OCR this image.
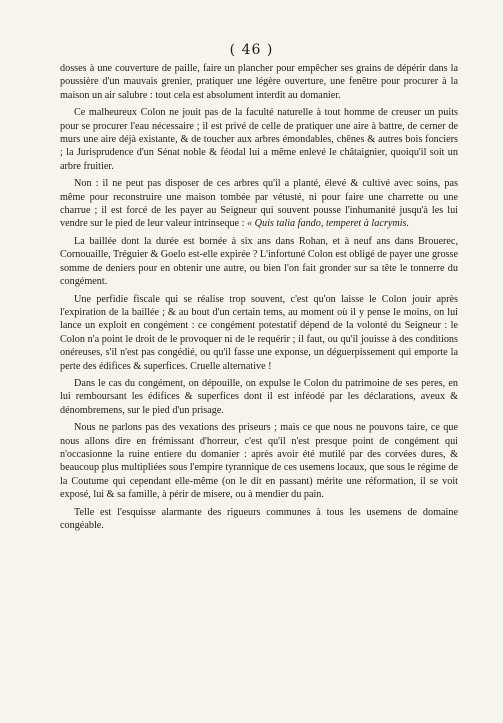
( 46 )

dosses à une couverture de paille, faire un plancher pour empêcher ses grains de dépérir dans la poussière d'un mauvais grenier, pratiquer une légère ouverture, une fenêtre pour procurer à la maison un air salubre : tout cela est absolument interdit au domanier.

Ce malheureux Colon ne jouit pas de la faculté naturelle à tout homme de creuser un puits pour se procurer l'eau nécessaire ; il est privé de celle de pratiquer une aire à battre, de cerner de murs une aire déjà existante, & de toucher aux arbres émondables, chênes & autres bois fonciers ; la Jurisprudence d'un Sénat noble & féodal lui a même enlevé le châtaignier, quoiqu'il soit un arbre fruitier.

Non : il ne peut pas disposer de ces arbres qu'il a planté, élevé & cultivé avec soins, pas même pour reconstruire une maison tombée par vétusté, ni pour faire une charrette ou une charrue ; il est forcé de les payer au Seigneur qui souvent pousse l'inhumanité jusqu'à les lui vendre sur le pied de leur valeur intrinseque : « Quis talia fando, temperet à lacrymis.

La baillée dont la durée est bornée à six ans dans Rohan, et à neuf ans dans Brouerec, Cornouaille, Tréguier & Goelo est-elle expirée ? L'infortuné Colon est obligé de payer une grosse somme de deniers pour en obtenir une autre, ou bien l'on fait gronder sur sa tête le tonnerre du congément.

Une perfidie fiscale qui se réalise trop souvent, c'est qu'on laisse le Colon jouir après l'expiration de la baillée ; & au bout d'un certain tems, au moment où il y pense le moins, on lui lance un exploit en congément : ce congément potestatif dépend de la volonté du Seigneur : le Colon n'a point le droit de le provoquer ni de le requérir ; il faut, ou qu'il jouisse à des conditions onéreuses, s'il n'est pas congédié, ou qu'il fasse une exponse, un déguerpissement qui emporte la perte des édifices & superfices. Cruelle alternative !

Dans le cas du congément, on dépouille, on expulse le Colon du patrimoine de ses peres, en lui remboursant les édifices & superfices dont il est inféodé par les déclarations, aveux & dénombremens, sur le pied d'un prisage.

Nous ne parlons pas des vexations des priseurs ; mais ce que nous ne pouvons taire, ce que nous allons dire en frémissant d'horreur, c'est qu'il n'est presque point de congément qui n'occasionne la ruine entiere du domanier : après avoir été mutilé par des corvées dures, & beaucoup plus multipliées sous l'empire tyrannique de ces usemens locaux, que sous le régime de la Coutume qui cependant elle-même (on le dit en passant) mérite une réformation, il se voit exposé, lui & sa famille, à périr de misere, ou à mendier du pain.

Telle est l'esquisse alarmante des rigueurs communes à tous les usemens de domaine congéable.
